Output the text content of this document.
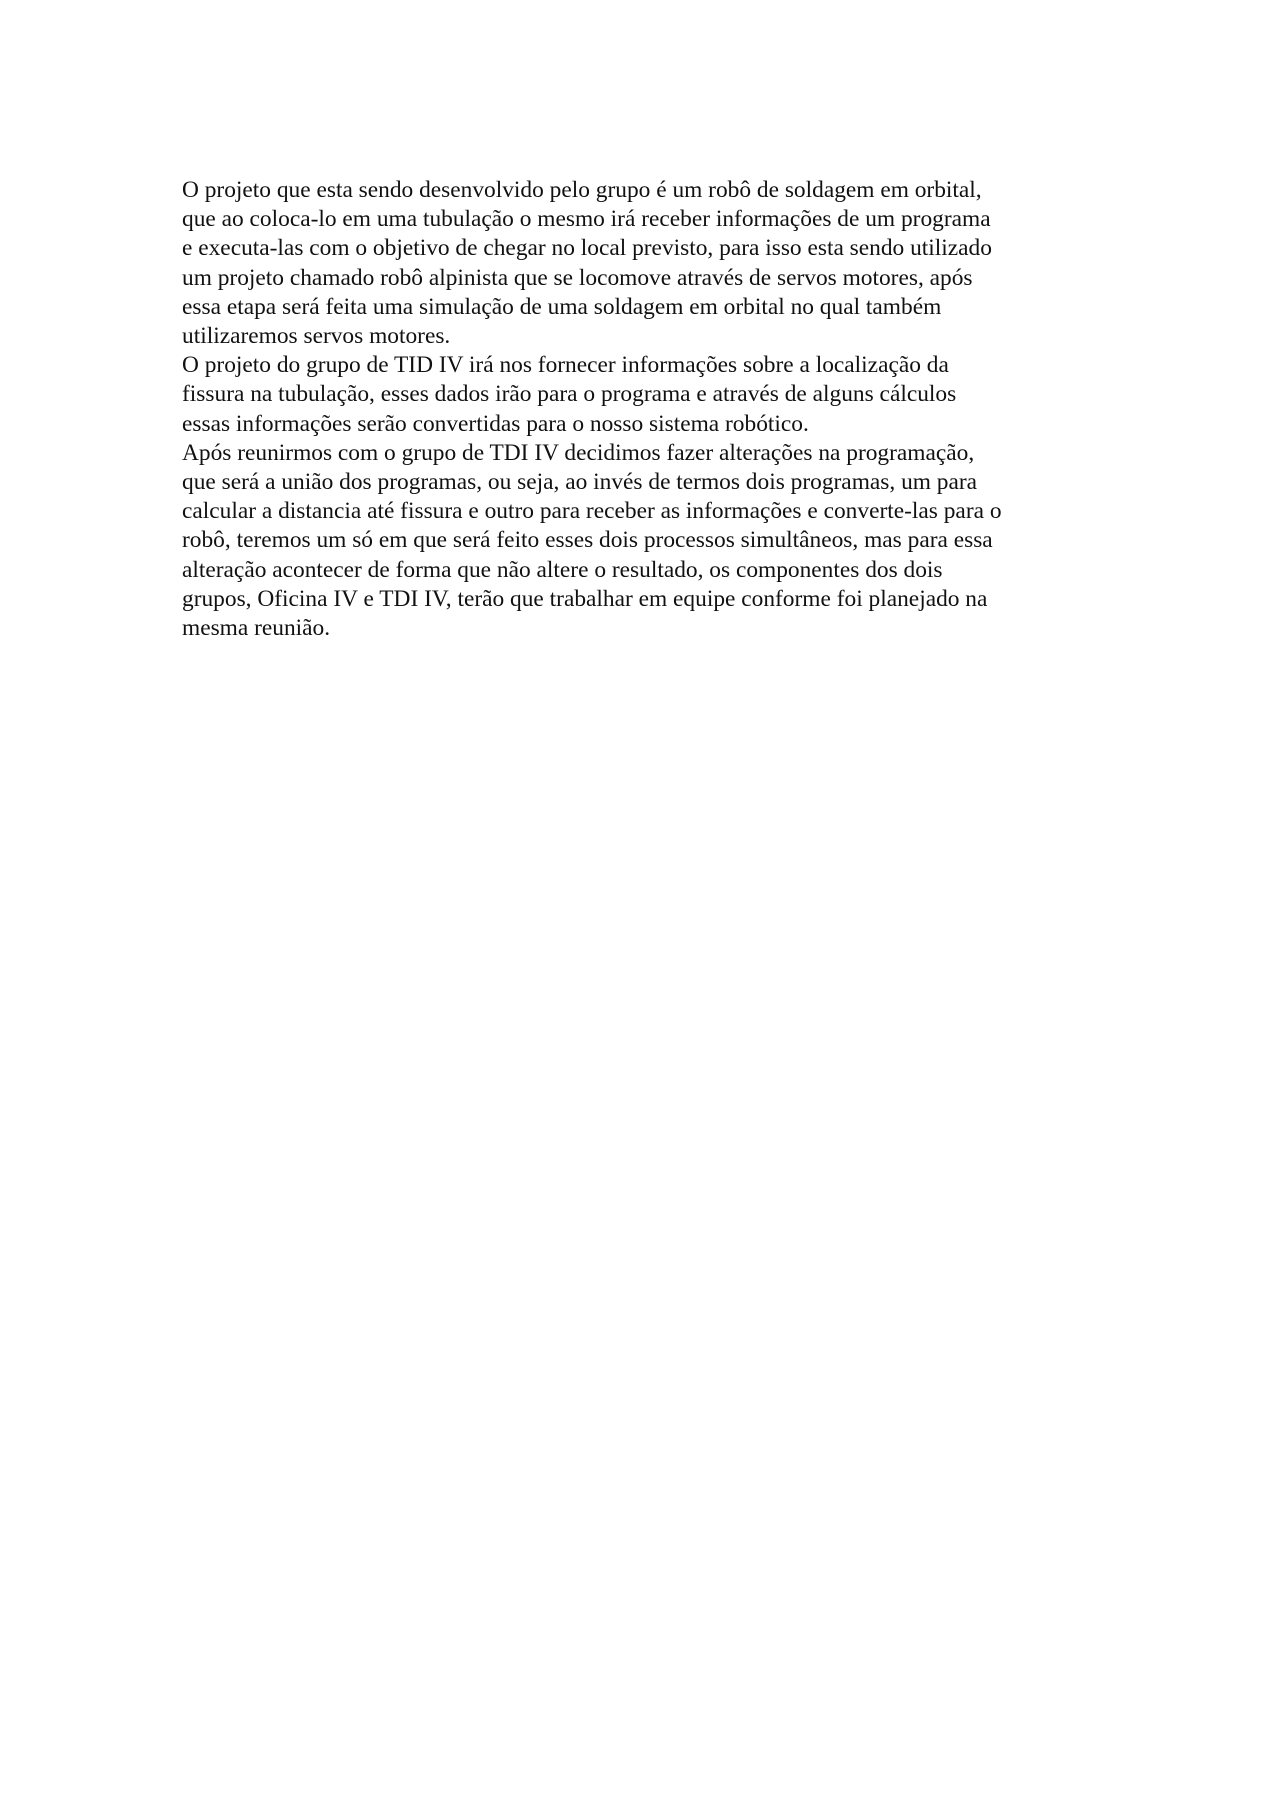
O projeto que esta sendo desenvolvido pelo grupo é um robô de soldagem em orbital,
que ao coloca-lo em uma tubulação o mesmo irá receber informações de um programa
e executa-las com o objetivo de chegar no local previsto, para isso esta sendo utilizado
um projeto chamado robô alpinista que se locomove através de servos motores, após
essa etapa será feita uma simulação de uma soldagem em orbital no qual também
utilizaremos servos motores.
O projeto do grupo de TID IV irá nos fornecer informações sobre a localização da
fissura na tubulação, esses dados irão para o programa e através de alguns cálculos
essas informações serão convertidas para o nosso sistema robótico.
Após reunirmos com o grupo de TDI IV decidimos fazer alterações na programação,
que será a união dos programas, ou seja, ao invés de termos dois programas, um para
calcular a distancia até fissura e outro para receber as informações e converte-las para o
robô, teremos um só em que será feito esses dois processos simultâneos, mas para essa
alteração acontecer de forma que não altere o resultado, os componentes dos dois
grupos, Oficina IV e TDI IV, terão que trabalhar em equipe conforme foi planejado na
mesma reunião.
